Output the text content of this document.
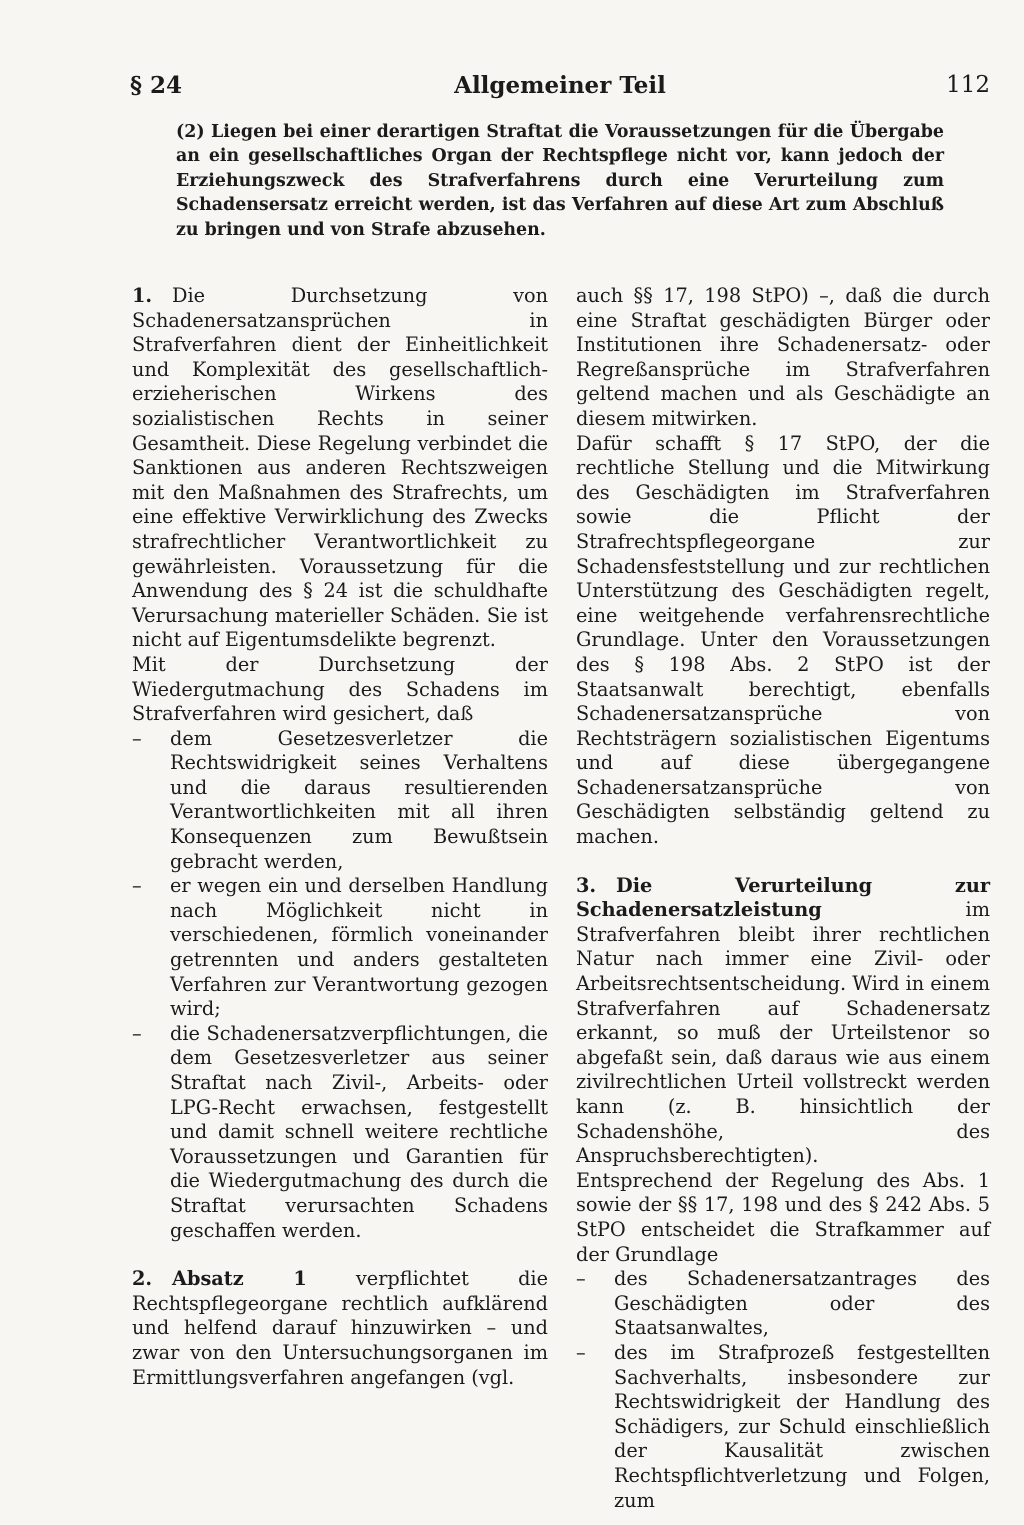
Allgemeiner Teil
§ 24	112
(2) Liegen bei einer derartigen Straftat die Voraussetzungen für die Übergabe an ein gesellschaftliches Organ der Rechtspflege nicht vor, kann jedoch der Erziehungszweck des Strafverfahrens durch eine Verurteilung zum Schadensersatz erreicht werden, ist das Verfahren auf diese Art zum Abschluß zu bringen und von Strafe abzusehen.

1. Die Durchsetzung von Schadenersatzansprüchen in Strafverfahren dient der Einheitlichkeit und Komplexität des gesellschaftlich-erzieherischen Wirkens des sozialistischen Rechts in seiner Gesamtheit. Diese Regelung verbindet die Sanktionen aus anderen Rechtszweigen mit den Maßnahmen des Strafrechts, um eine effektive Verwirklichung des Zwecks strafrechtlicher Verantwortlichkeit zu gewährleisten. Voraussetzung für die Anwendung des § 24 ist die schuldhafte Verursachung materieller Schäden. Sie ist nicht auf Eigentumsdelikte begrenzt.

Mit der Durchsetzung der Wiedergutmachung des Schadens im Strafverfahren wird gesichert, daß

– dem Gesetzesverletzer die Rechtswidrigkeit seines Verhaltens und die daraus resultierenden Verantwortlichkeiten mit all ihren Konsequenzen zum Bewußtsein gebracht werden,
– er wegen ein und derselben Handlung nach Möglichkeit nicht in verschiedenen, förmlich voneinander getrennten und anders gestalteten Verfahren zur Verantwortung gezogen wird;
– die Schadenersatzverpflichtungen, die dem Gesetzesverletzer aus seiner Straftat nach Zivil-, Arbeits- oder LPG-Recht erwachsen, festgestellt und damit schnell weitere rechtliche Voraussetzungen und Garantien für die Wiedergutmachung des durch die Straftat verursachten Schadens geschaffen werden.

2. Absatz 1 verpflichtet die Rechtspflegeorgane rechtlich aufklärend und helfend darauf hinzuwirken – und zwar von den Untersuchungsorganen im Ermittlungsverfahren angefangen (vgl.

auch §§ 17, 198 StPO) –, daß die durch eine Straftat geschädigten Bürger oder Institutionen ihre Schadenersatz- oder Regreßansprüche im Strafverfahren geltend machen und als Geschädigte an diesem mitwirken.

Dafür schafft § 17 StPO, der die rechtliche Stellung und die Mitwirkung des Geschädigten im Strafverfahren sowie die Pflicht der Strafrechtspflegeorgane zur Schadensfeststellung und zur rechtlichen Unterstützung des Geschädigten regelt, eine weitgehende verfahrensrechtliche Grundlage. Unter den Voraussetzungen des § 198 Abs. 2 StPO ist der Staatsanwalt berechtigt, ebenfalls Schadenersatzansprüche von Rechtsträgern sozialistischen Eigentums und auf diese übergegangene Schadenersatzansprüche von Geschädigten selbständig geltend zu machen.

3. Die Verurteilung zur Schadenersatzleistung im Strafverfahren bleibt ihrer rechtlichen Natur nach immer eine Zivil- oder Arbeitsrechtsentscheidung. Wird in einem Strafverfahren auf Schadenersatz erkannt, so muß der Urteilstenor so abgefaßt sein, daß daraus wie aus einem zivilrechtlichen Urteil vollstreckt werden kann (z. B. hinsichtlich der Schadenshöhe, des Anspruchsberechtigten).

Entsprechend der Regelung des Abs. 1 sowie der §§ 17, 198 und des § 242 Abs. 5 StPO entscheidet die Strafkammer auf der Grundlage

– des Schadenersatzantrages des Geschädigten oder des Staatsanwaltes,
– des im Strafprozeß festgestellten Sachverhalts, insbesondere zur Rechtswidrigkeit der Handlung des Schädigers, zur Schuld einschließlich der Kausalität zwischen Rechtspflichtverletzung und Folgen, zum
